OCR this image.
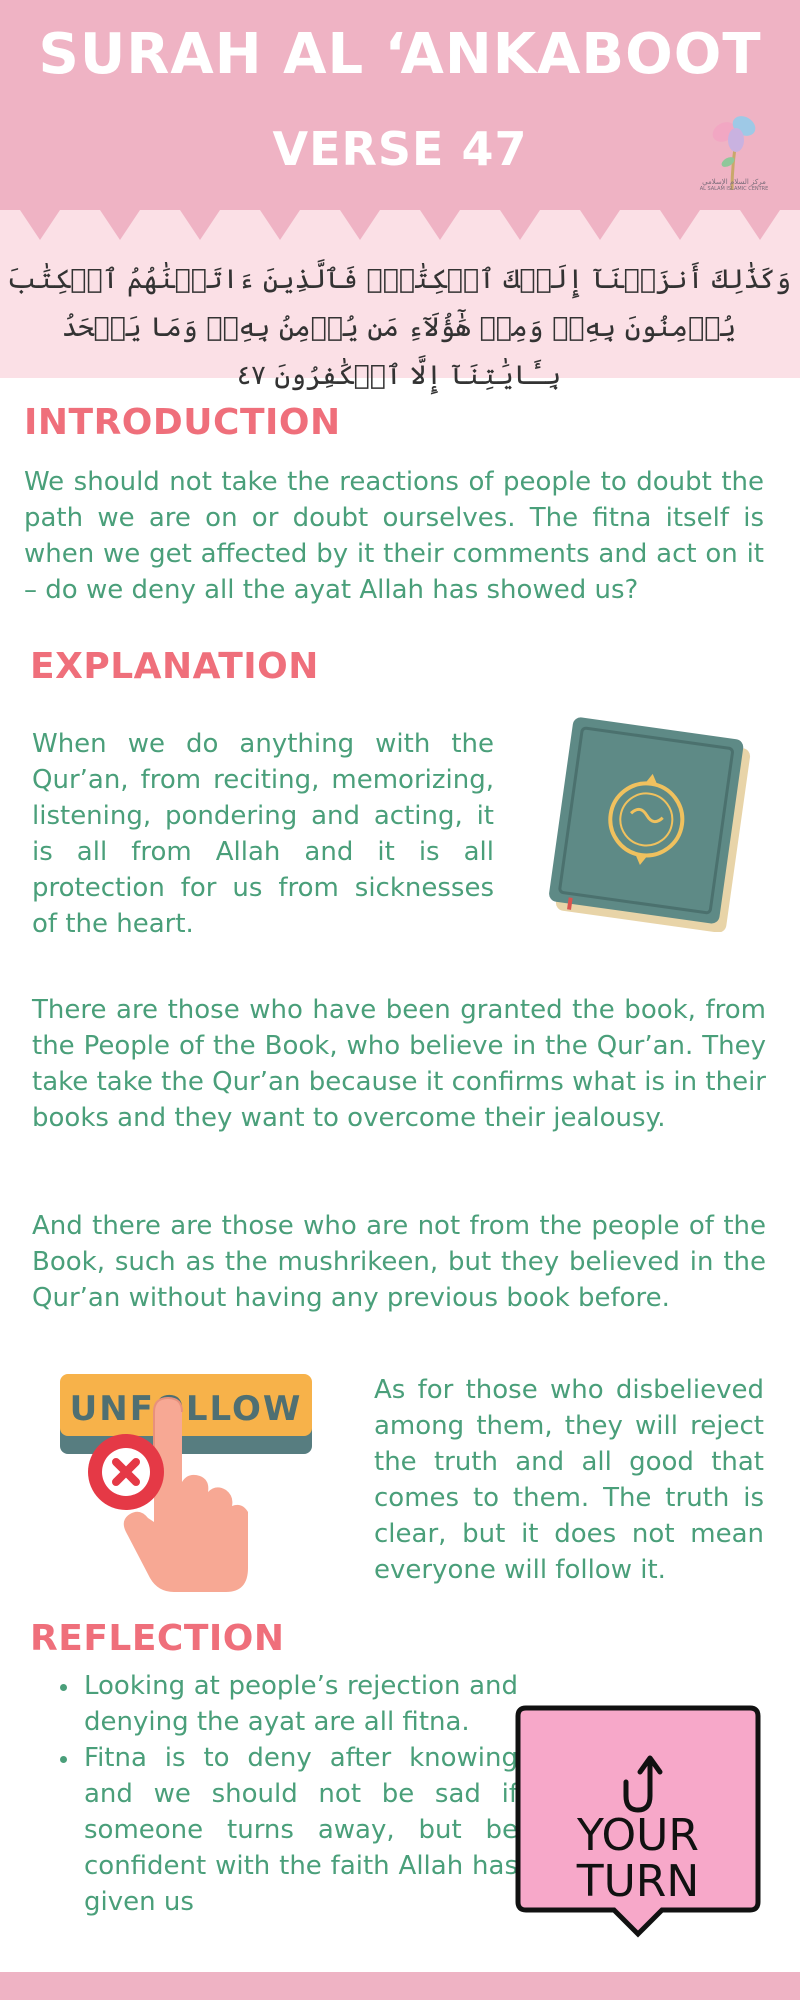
SURAH AL ‘ANKABOOT
VERSE 47
مركز السلام الإسلامي
AL SALAM ISLAMIC CENTRE
وَكَذَٰلِكَ أَنزَلۡنَآ إِلَيۡكَ ٱلۡكِتَٰبَۚ فَٱلَّذِينَ ءَاتَيۡنَٰهُمُ ٱلۡكِتَٰبَ يُؤۡمِنُونَ بِهِۦۖ وَمِنۡ هَٰٓؤُلَآءِ مَن يُؤۡمِنُ بِهِۦۚ وَمَا يَجۡحَدُ بِـَٔايَٰتِنَآ إِلَّا ٱلۡكَٰفِرُونَ ٤٧
INTRODUCTION
We should not take the reactions of people to doubt the path we are on or doubt ourselves. The fitna itself is when we get affected by it their comments and act on it – do we deny all the ayat Allah has showed us?
EXPLANATION
When we do anything with the Qur’an, from reciting, memorizing, listening, pondering and acting, it is all from Allah and it is all protection for us from sicknesses of the heart.
There are those who have been granted the book, from the People of the Book, who believe in the Qur’an. They take take the Qur’an because it confirms what is in their books and they want to overcome their jealousy.
And there are those who are not from the people of the Book, such as the mushrikeen, but they believed in the Qur’an without having any previous book before.
UNFOLLOW	As for those who disbelieved among them, they will reject the truth and all good that comes to them. The truth is clear, but it does not mean everyone will follow it.
REFLECTION
Looking at people’s rejection and denying the ayat are all fitna.
Fitna is to deny after knowing and we should not be sad if someone turns away, but be confident with the faith Allah has given us
YOUR
TURN
